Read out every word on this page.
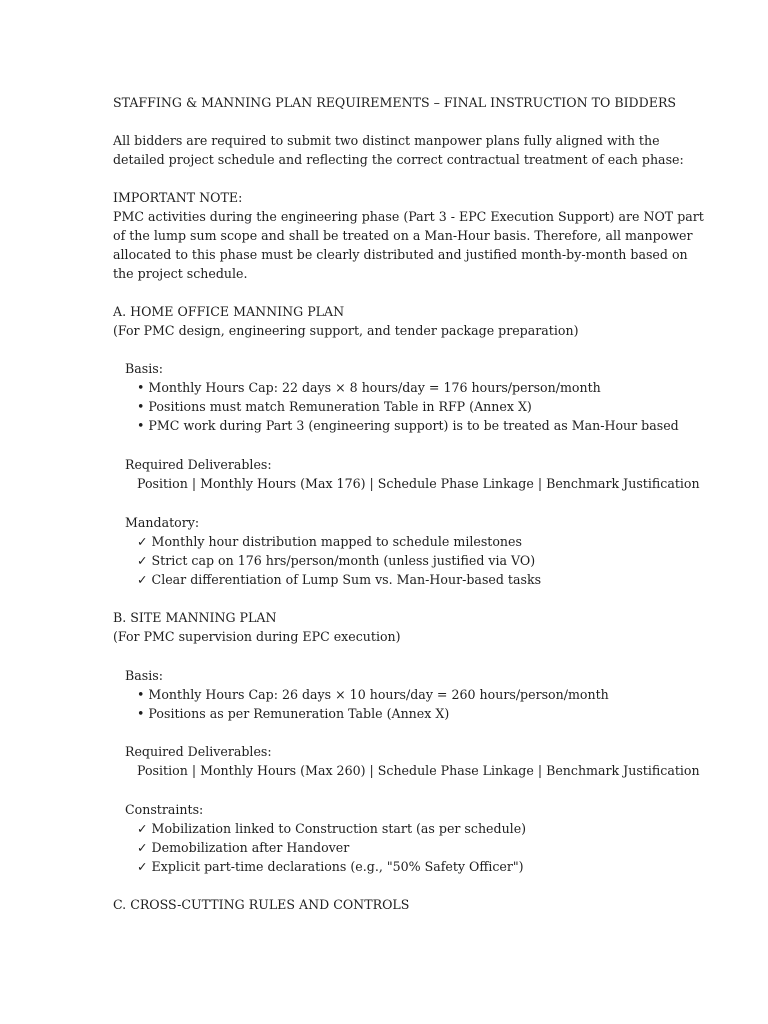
STAFFING & MANNING PLAN REQUIREMENTS – FINAL INSTRUCTION TO BIDDERS
All bidders are required to submit two distinct manpower plans fully aligned with the
detailed project schedule and reflecting the correct contractual treatment of each phase:
IMPORTANT NOTE:
PMC activities during the engineering phase (Part 3 - EPC Execution Support) are NOT part
of the lump sum scope and shall be treated on a Man-Hour basis. Therefore, all manpower
allocated to this phase must be clearly distributed and justified month-by-month based on
the project schedule.
A. HOME OFFICE MANNING PLAN
(For PMC design, engineering support, and tender package preparation)
Basis:
• Monthly Hours Cap: 22 days × 8 hours/day = 176 hours/person/month
• Positions must match Remuneration Table in RFP (Annex X)
• PMC work during Part 3 (engineering support) is to be treated as Man-Hour based
Required Deliverables:
Position | Monthly Hours (Max 176) | Schedule Phase Linkage | Benchmark Justification
Mandatory:
✓ Monthly hour distribution mapped to schedule milestones
✓ Strict cap on 176 hrs/person/month (unless justified via VO)
✓ Clear differentiation of Lump Sum vs. Man-Hour-based tasks
B. SITE MANNING PLAN
(For PMC supervision during EPC execution)
Basis:
• Monthly Hours Cap: 26 days × 10 hours/day = 260 hours/person/month
• Positions as per Remuneration Table (Annex X)
Required Deliverables:
Position | Monthly Hours (Max 260) | Schedule Phase Linkage | Benchmark Justification
Constraints:
✓ Mobilization linked to Construction start (as per schedule)
✓ Demobilization after Handover
✓ Explicit part-time declarations (e.g., "50% Safety Officer")
C. CROSS-CUTTING RULES AND CONTROLS
